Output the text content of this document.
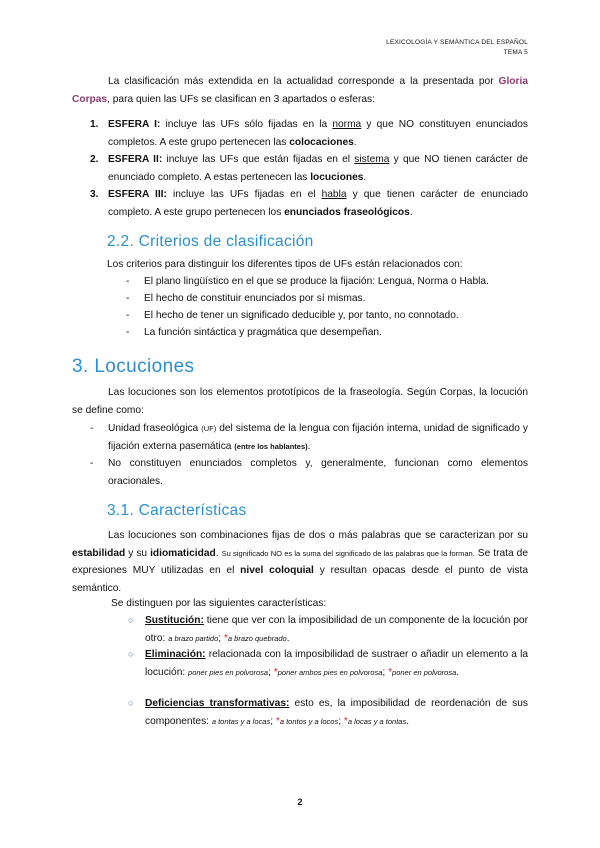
LEXICOLOGÍA Y SEMÁNTICA DEL ESPAÑOL
TEMA 5
La clasificación más extendida en la actualidad corresponde a la presentada por Gloria Corpas, para quien las UFs se clasifican en 3 apartados o esferas:
1. ESFERA I: incluye las UFs sólo fijadas en la norma y que NO constituyen enunciados completos. A este grupo pertenecen las colocaciones.
2. ESFERA II: incluye las UFs que están fijadas en el sistema y que NO tienen carácter de enunciado completo. A estas pertenecen las locuciones.
3. ESFERA III: incluye las UFs fijadas en el habla y que tienen carácter de enunciado completo. A este grupo pertenecen los enunciados fraseológicos.
2.2. Criterios de clasificación
Los criterios para distinguir los diferentes tipos de UFs están relacionados con:
- El plano lingüístico en el que se produce la fijación: Lengua, Norma o Habla.
- El hecho de constituir enunciados por sí mismas.
- El hecho de tener un significado deducible y, por tanto, no connotado.
- La función sintáctica y pragmática que desempeñan.
3. Locuciones
Las locuciones son los elementos prototípicos de la fraseología. Según Corpas, la locución se define como:
- Unidad fraseológica (UF) del sistema de la lengua con fijación interna, unidad de significado y fijación externa pasemática (entre los hablantes).
- No constituyen enunciados completos y, generalmente, funcionan como elementos oracionales.
3.1. Características
Las locuciones son combinaciones fijas de dos o más palabras que se caracterizan por su estabilidad y su idiomaticidad. Su significado NO es la suma del significado de las palabras que la forman. Se trata de expresiones MUY utilizadas en el nivel coloquial y resultan opacas desde el punto de vista semántico.
Se distinguen por las siguientes características:
○ Sustitución: tiene que ver con la imposibilidad de un componente de la locución por otro: a brazo partido; *a brazo quebrado.
○ Eliminación: relacionada con la imposibilidad de sustraer o añadir un elemento a la locución: poner pies en polvorosa; *poner ambos pies en polvorosa; *poner en polvorosa.
○ Deficiencias transformativas: esto es, la imposibilidad de reordenación de sus componentes: a tontas y a locas; *a tontos y a locos; *a locas y a tontas.
2
